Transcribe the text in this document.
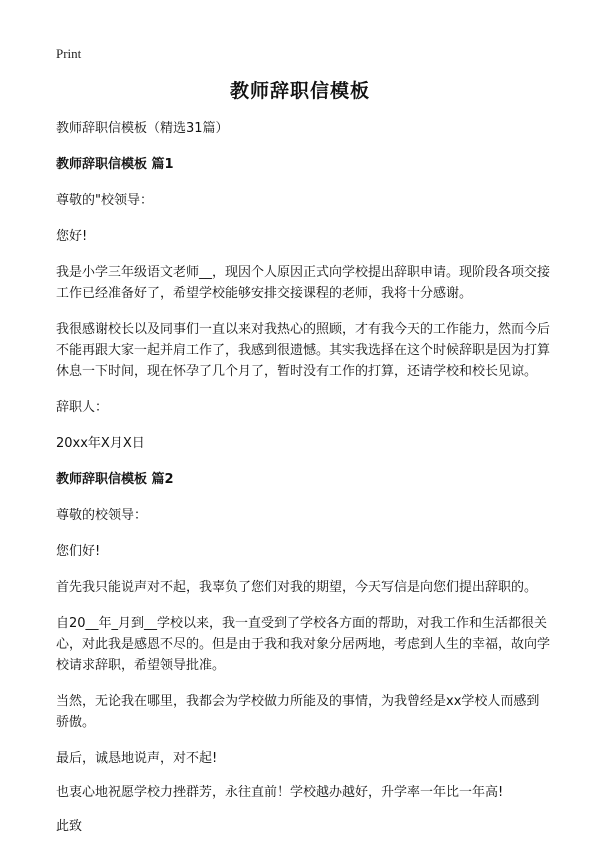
Print
教师辞职信模板

教师辞职信模板（精选31篇）

教师辞职信模板 篇1

尊敬的"校领导：

您好!

我是小学三年级语文老师__，现因个人原因正式向学校提出辞职申请。现阶段各项交接工作已经准备好了，希望学校能够安排交接课程的老师，我将十分感谢。

我很感谢校长以及同事们一直以来对我热心的照顾，才有我今天的工作能力，然而今后不能再跟大家一起并肩工作了，我感到很遗憾。其实我选择在这个时候辞职是因为打算休息一下时间，现在怀孕了几个月了，暂时没有工作的打算，还请学校和校长见谅。

辞职人：

20xx年X月X日

教师辞职信模板 篇2

尊敬的校领导：

您们好!

首先我只能说声对不起，我辜负了您们对我的期望，今天写信是向您们提出辞职的。

自20__年_月到__学校以来，我一直受到了学校各方面的帮助，对我工作和生活都很关心，对此我是感恩不尽的。但是由于我和我对象分居两地，考虑到人生的幸福，故向学校请求辞职，希望领导批准。

当然，无论我在哪里，我都会为学校做力所能及的事情，为我曾经是xx学校人而感到骄傲。

最后，诚恳地说声，对不起!

也衷心地祝愿学校力挫群芳，永往直前！学校越办越好，升学率一年比一年高!

此致
